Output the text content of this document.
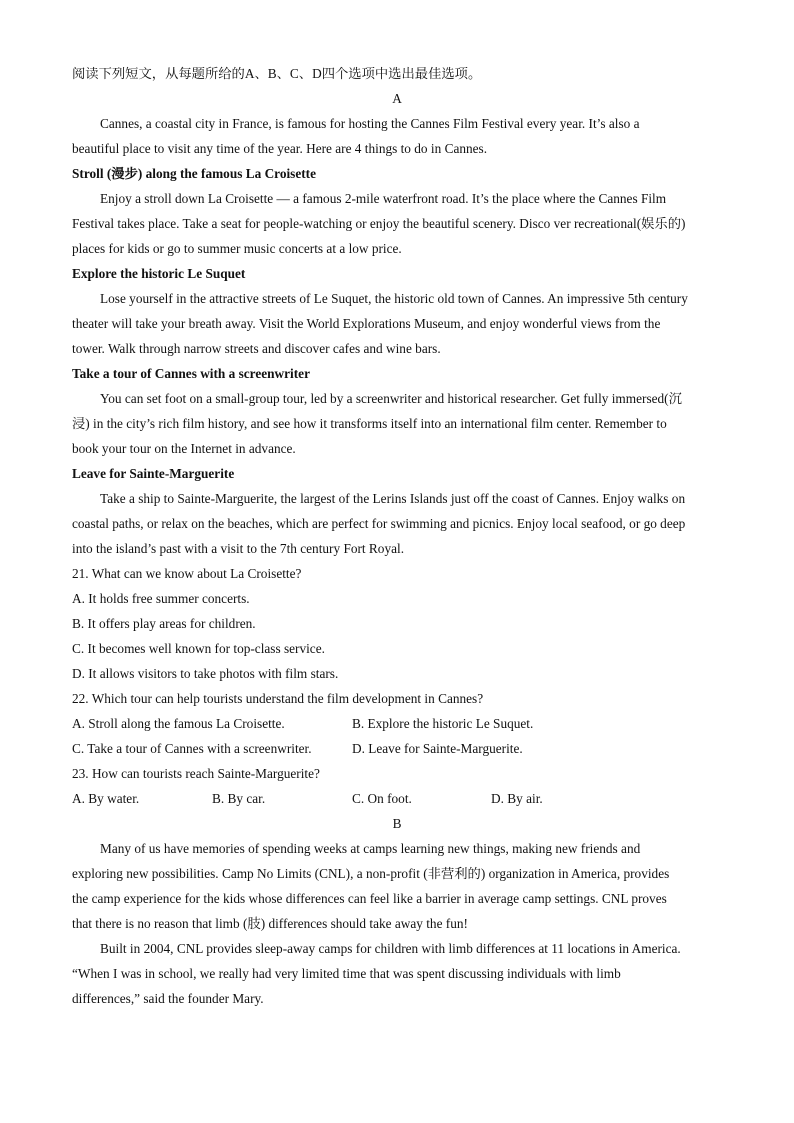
阅读下列短文，从每题所给的A、B、C、D四个选项中选出最佳选项。
A
Cannes, a coastal city in France, is famous for hosting the Cannes Film Festival every year. It’s also a
beautiful place to visit any time of the year. Here are 4 things to do in Cannes.
Stroll (漫步) along the famous La Croisette
Enjoy a stroll down La Croisette — a famous 2-mile waterfront road. It’s the place where the Cannes Film
Festival takes place. Take a seat for people-watching or enjoy the beautiful scenery. Disco ver recreational(娱乐的)
places for kids or go to summer music concerts at a low price.
Explore the historic Le Suquet
Lose yourself in the attractive streets of Le Suquet, the historic old town of Cannes. An impressive 5th century
theater will take your breath away. Visit the World Explorations Museum, and enjoy wonderful views from the
tower. Walk through narrow streets and discover cafes and wine bars.
Take a tour of Cannes with a screenwriter
You can set foot on a small-group tour, led by a screenwriter and historical researcher. Get fully immersed(沉
浸) in the city’s rich film history, and see how it transforms itself into an international film center. Remember to
book your tour on the Internet in advance.
Leave for Sainte-Marguerite
Take a ship to Sainte-Marguerite, the largest of the Lerins Islands just off the coast of Cannes. Enjoy walks on
coastal paths, or relax on the beaches, which are perfect for swimming and picnics. Enjoy local seafood, or go deep
into the island’s past with a visit to the 7th century Fort Royal.
21. What can we know about La Croisette?
A. It holds free summer concerts.
B. It offers play areas for children.
C. It becomes well known for top-class service.
D. It allows visitors to take photos with film stars.
22. Which tour can help tourists understand the film development in Cannes?
A. Stroll along the famous La Croisette.	B. Explore the historic Le Suquet.
C. Take a tour of Cannes with a screenwriter.	D. Leave for Sainte-Marguerite.
23. How can tourists reach Sainte-Marguerite?
A. By water.	B. By car.	C. On foot.	D. By air.
B
Many of us have memories of spending weeks at camps learning new things, making new friends and
exploring new possibilities. Camp No Limits (CNL), a non-profit (非营利的) organization in America, provides
the camp experience for the kids whose differences can feel like a barrier in average camp settings. CNL proves
that there is no reason that limb (肢) differences should take away the fun!
Built in 2004, CNL provides sleep-away camps for children with limb differences at 11 locations in America.
“When I was in school, we really had very limited time that was spent discussing individuals with limb
differences,” said the founder Mary.
